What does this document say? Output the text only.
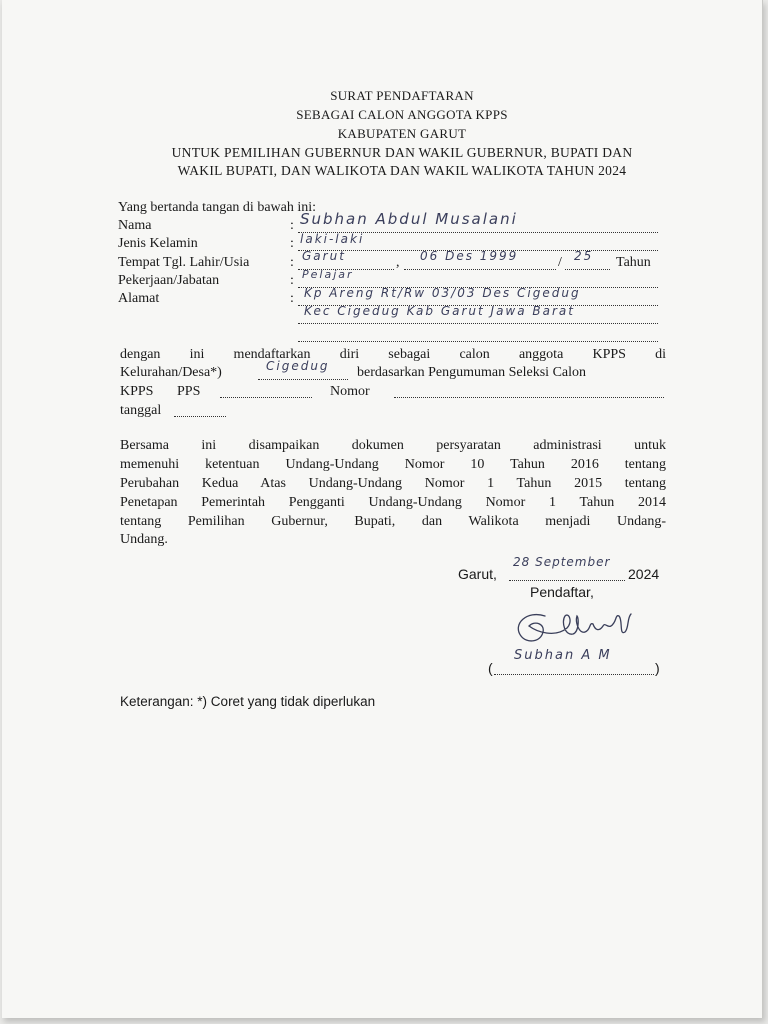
SURAT PENDAFTARAN
SEBAGAI CALON ANGGOTA KPPS
KABUPATEN GARUT
UNTUK PEMILIHAN GUBERNUR DAN WAKIL GUBERNUR, BUPATI DAN
WAKIL BUPATI, DAN WALIKOTA DAN WAKIL WALIKOTA TAHUN 2024
Yang bertanda tangan di bawah ini:
Nama	: Subhan Abdul Musalani
Jenis Kelamin	: laki-laki
Tempat Tgl. Lahir/Usia	: Garut	, 06 Des 1999	/ 25 Tahun
Pekerjaan/Jabatan	: Pelajar
Alamat	: Kp Areng Rt/Rw 03/03 Des Cigedug
Kec Cigedug Kab Garut Jawa Barat
dengan ini mendaftarkan diri sebagai calon anggota KPPS di
Kelurahan/Desa*)	Cigedug berdasarkan Pengumuman Seleksi Calon
KPPS PPS	Nomor
tanggal
Bersama ini disampaikan dokumen persyaratan administrasi untuk
memenuhi ketentuan Undang-Undang Nomor 10 Tahun 2016 tentang
Perubahan Kedua Atas Undang-Undang Nomor 1 Tahun 2015 tentang
Penetapan Pemerintah Pengganti Undang-Undang Nomor 1 Tahun 2014
tentang Pemilihan Gubernur, Bupati, dan Walikota menjadi Undang-
Undang.
Garut,
28 September
2024
Pendaftar,
(
Subhan A M
)
Keterangan: *) Coret yang tidak diperlukan
